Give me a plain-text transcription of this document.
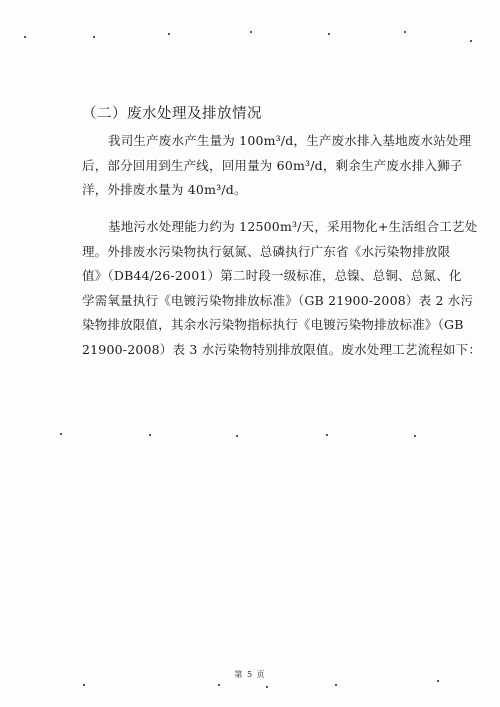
（二）废水处理及排放情况
我司生产废水产生量为 100m³/d，生产废水排入基地废水站处理
后，部分回用到生产线，回用量为 60m³/d，剩余生产废水排入狮子
洋，外排废水量为 40m³/d。
基地污水处理能力约为 12500m³/天，采用物化+生活组合工艺处
理。外排废水污染物执行氨氮、总磷执行广东省《水污染物排放限
值》（DB44/26-2001）第二时段一级标准，总镍、总铜、总氮、化
学需氧量执行《电镀污染物排放标准》（GB 21900-2008）表 2 水污
染物排放限值，其余水污染物指标执行《电镀污染物排放标准》（GB
21900-2008）表 3 水污染物特别排放限值。废水处理工艺流程如下：
第 5 页
